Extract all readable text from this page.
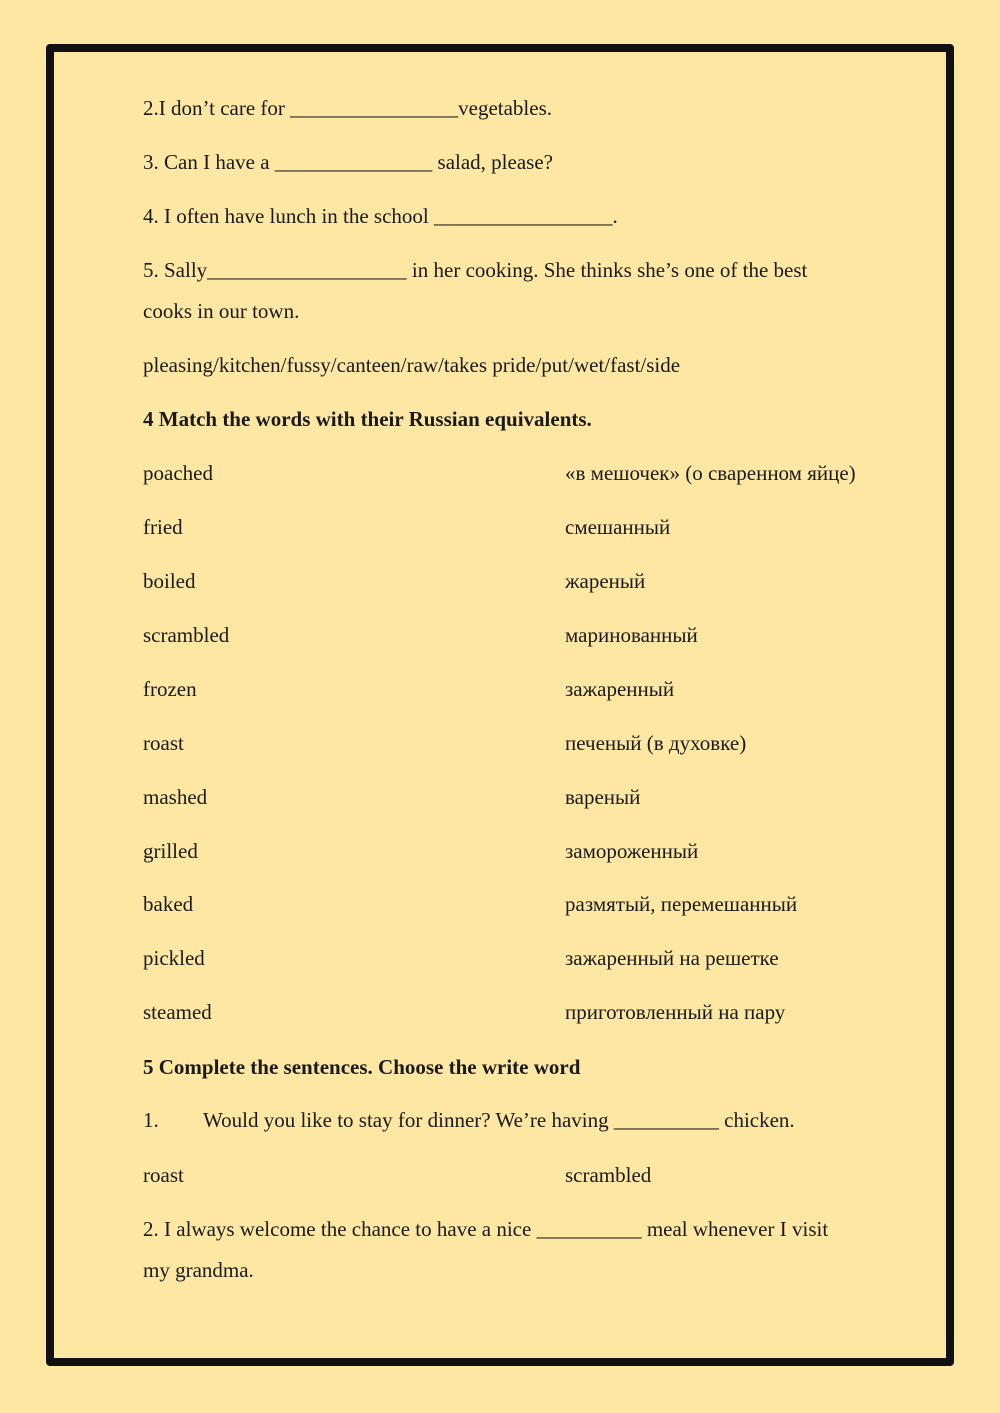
2.I don’t care for ________________vegetables.
3. Can I have a _______________ salad, please?
4. I often have lunch in the school _________________.
5. Sally___________________ in her cooking. She thinks she’s one of the best
cooks in our town.
pleasing/kitchen/fussy/canteen/raw/takes pride/put/wet/fast/side
4 Match the words with their Russian equivalents.
poached	«в мешочек» (о сваренном яйце)
fried	смешанный
boiled	жареный
scrambled	маринованный
frozen	зажаренный
roast	печеный (в духовке)
mashed	вареный
grilled	замороженный
baked	размятый, перемешанный
pickled	зажаренный на решетке
steamed	приготовленный на пару
5 Complete the sentences. Choose the write word
1. Would you like to stay for dinner? We’re having __________ chicken.
roast	scrambled
2. I always welcome the chance to have a nice __________ meal whenever I visit
my grandma.
